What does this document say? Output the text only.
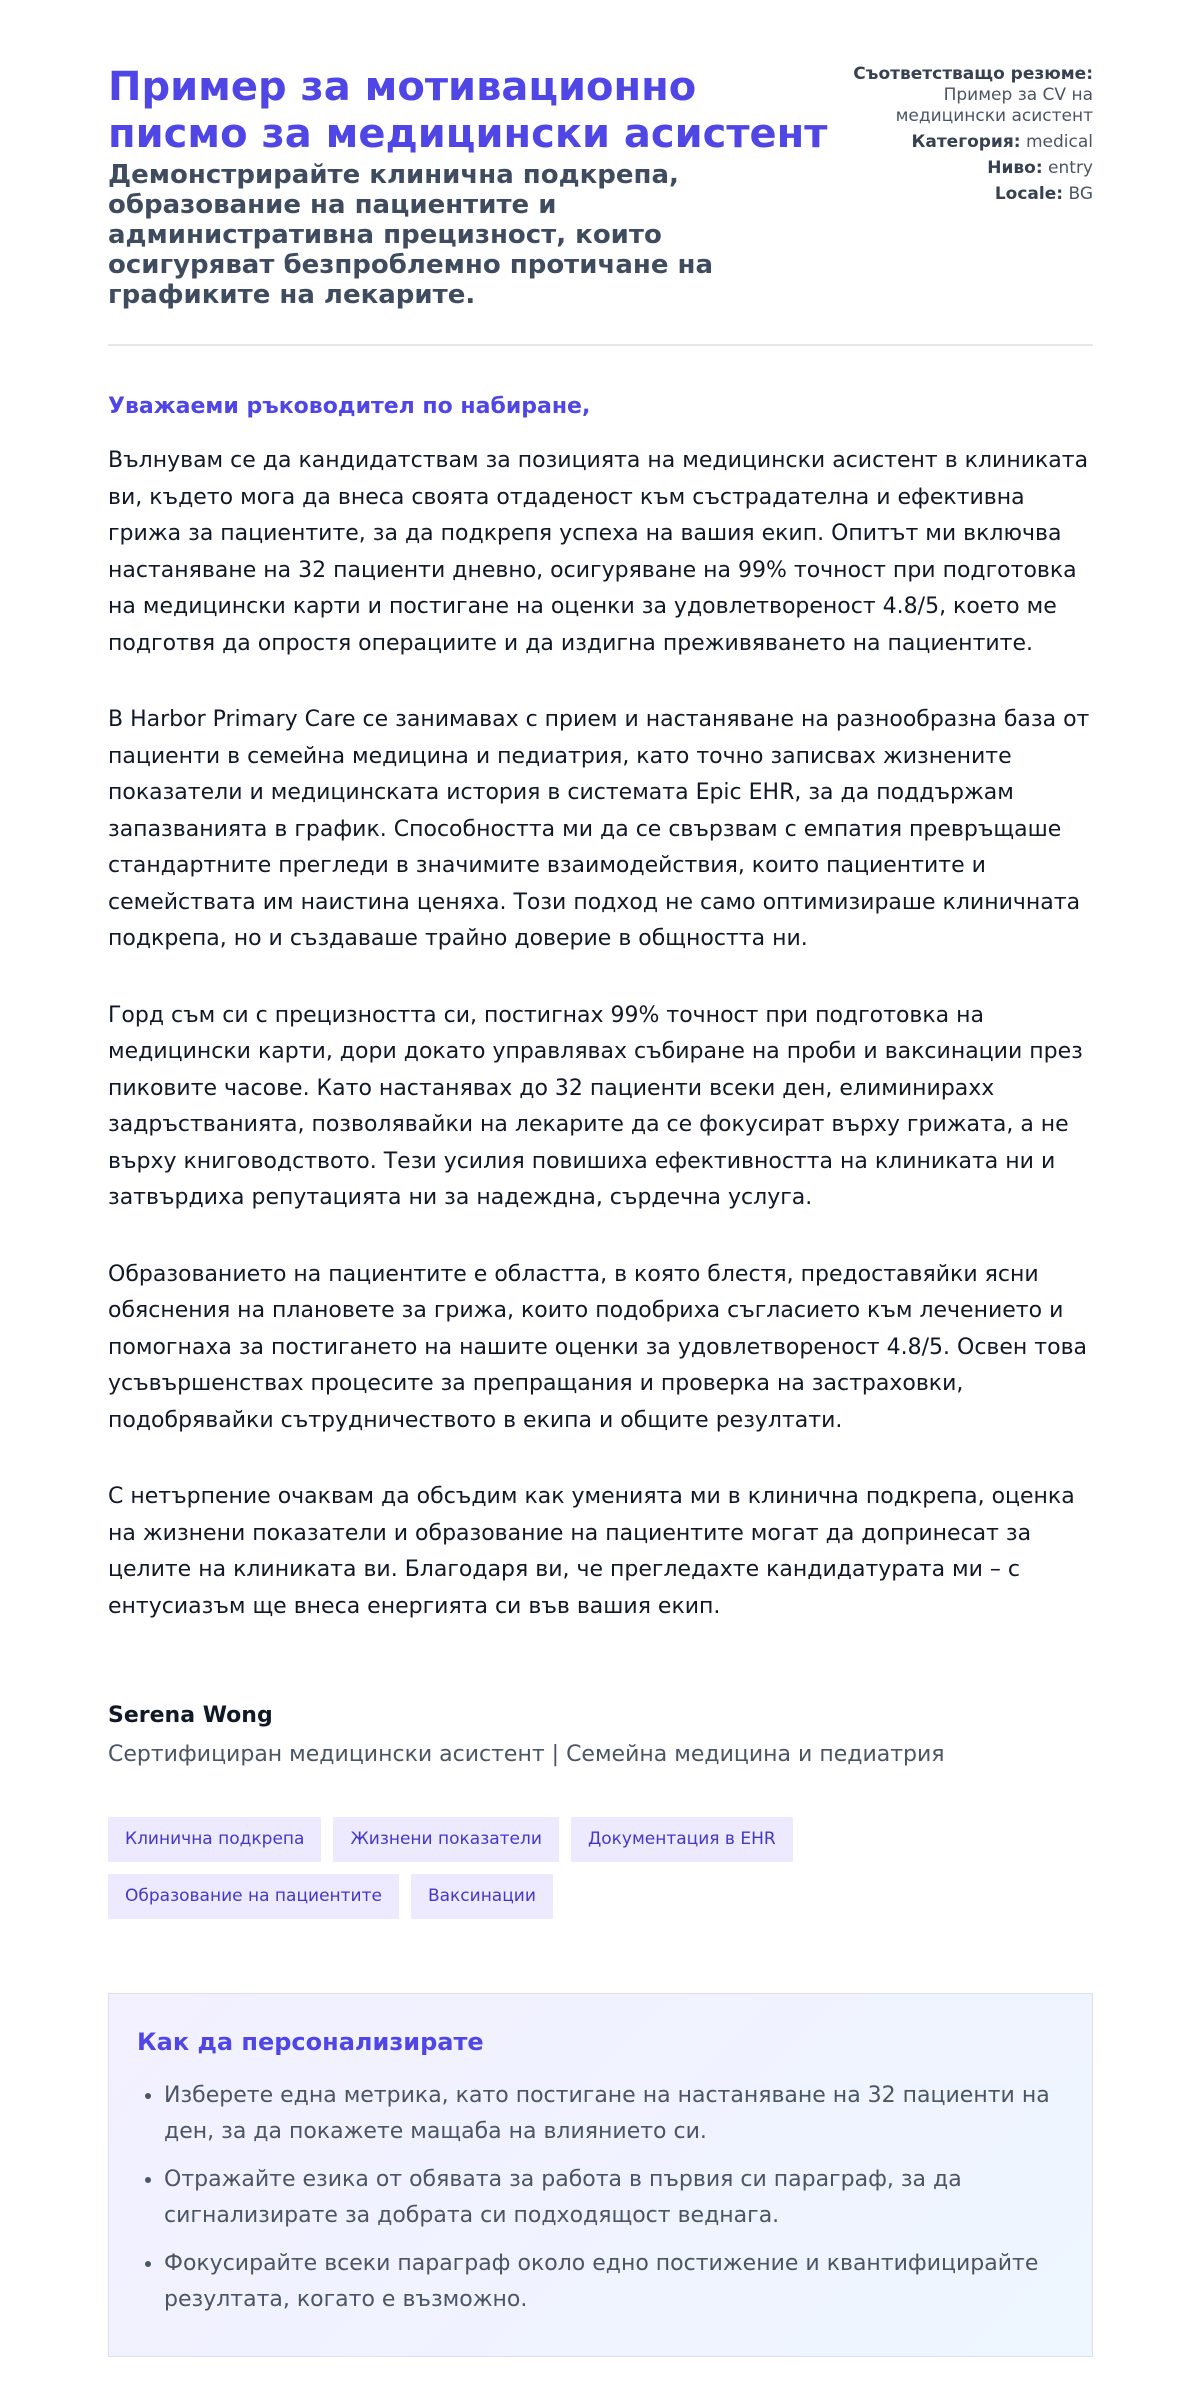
Пример за мотивационно писмо за медицински асистент

Демонстрирайте клинична подкрепа, образование на пациентите и административна прецизност, които осигуряват безпроблемно протичане на графиките на лекарите.

Съответстващо резюме: Пример за CV на медицински асистент
Категория: medical
Ниво: entry
Locale: BG
Уважаеми ръководител по набиране,

Вълнувам се да кандидатствам за позицията на медицински асистент в клиниката ви, където мога да внеса своята отдаденост към състрадателна и ефективна грижа за пациентите, за да подкрепя успеха на вашия екип. Опитът ми включва настаняване на 32 пациенти дневно, осигуряване на 99% точност при подготовка на медицински карти и постигане на оценки за удовлетвореност 4.8/5, което ме подготвя да опростя операциите и да издигна преживяването на пациентите.

В Harbor Primary Care се занимавах с прием и настаняване на разнообразна база от пациенти в семейна медицина и педиатрия, като точно записвах жизнените показатели и медицинската история в системата Epic EHR, за да поддържам запазванията в график. Способността ми да се свързвам с емпатия превръщаше стандартните прегледи в значимите взаимодействия, които пациентите и семействата им наистина ценяха. Този подход не само оптимизираше клиничната подкрепа, но и създаваше трайно доверие в общността ни.

Горд съм си с прецизността си, постигнах 99% точност при подготовка на медицински карти, дори докато управлявах събиране на проби и ваксинации през пиковите часове. Като настанявах до 32 пациенти всеки ден, елиминирахх задръстванията, позволявайки на лекарите да се фокусират върху грижата, а не върху книговодството. Тези усилия повишиха ефективността на клиниката ни и затвърдиха репутацията ни за надеждна, сърдечна услуга.

Образованието на пациентите е областта, в която блестя, предоставяйки ясни обяснения на плановете за грижа, които подобриха съгласието към лечението и помогнаха за постигането на нашите оценки за удовлетвореност 4.8/5. Освен това усъвършенствах процесите за препращания и проверка на застраховки, подобрявайки сътрудничеството в екипа и общите резултати.

С нетърпение очаквам да обсъдим как уменията ми в клинична подкрепа, оценка на жизнени показатели и образование на пациентите могат да допринесат за целите на клиниката ви. Благодаря ви, че прегледахте кандидатурата ми – с ентусиазъм ще внеса енергията си във вашия екип.

Serena Wong
Сертифициран медицински асистент | Семейна медицина и педиатрия
Клинична подкрепа	Жизнени показатели	Документация в EHR
Образование на пациентите	Ваксинации
Как да персонализирате
• Изберете една метрика, като постигане на настаняване на 32 пациенти на ден, за да покажете мащаба на влиянието си.
• Отражайте езика от обявата за работа в първия си параграф, за да сигнализирате за добрата си подходящост веднага.
• Фокусирайте всеки параграф около едно постижение и квантифицирайте резултата, когато е възможно.
